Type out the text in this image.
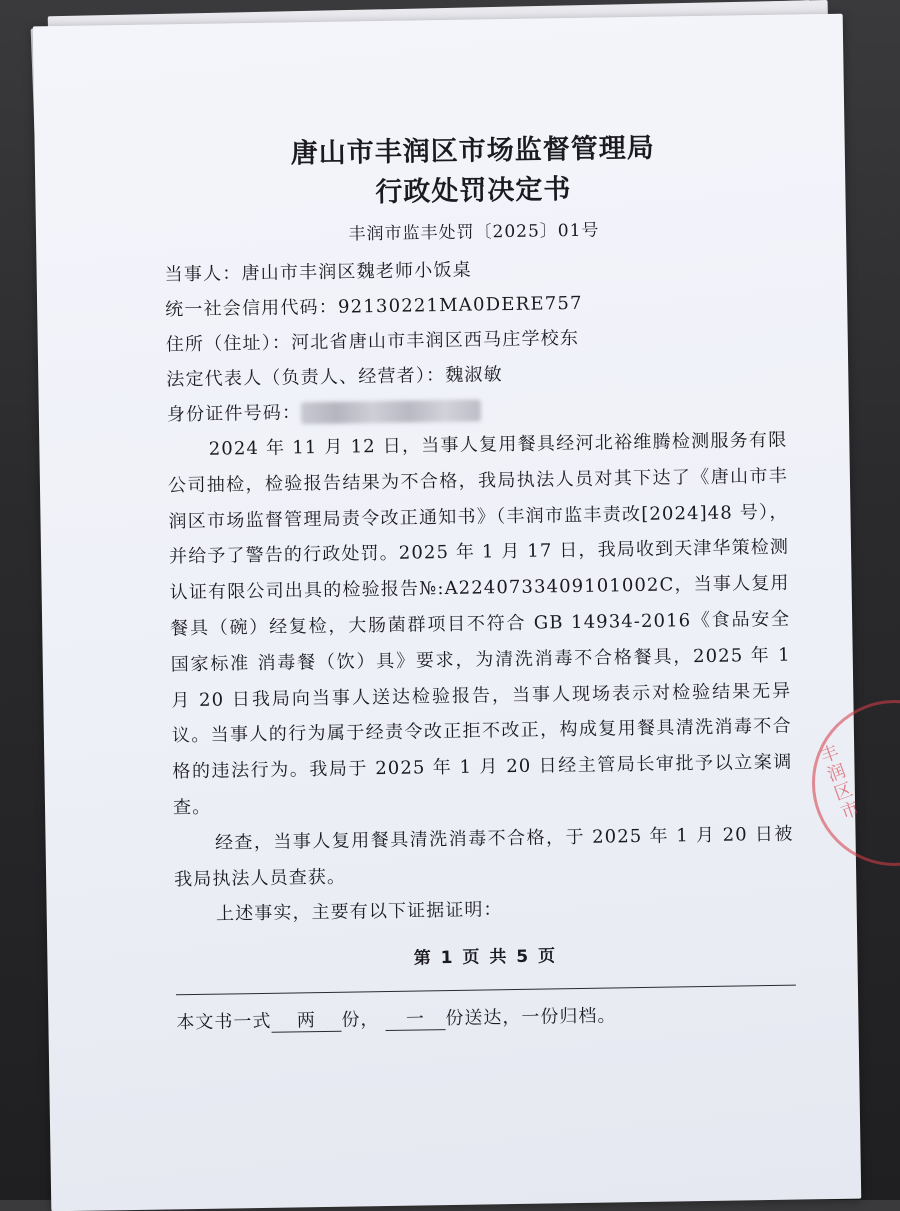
唐山市丰润区市场监督管理局
行政处罚决定书
丰润市监丰处罚〔2025〕01号
当事人：唐山市丰润区魏老师小饭桌
统一社会信用代码：92130221MA0DERE757
住所（住址）：河北省唐山市丰润区西马庄学校东
法定代表人（负责人、经营者）：魏淑敏
身份证件号码：

2024 年 11 月 12 日，当事人复用餐具经河北裕维腾检测服务有限公司抽检，检验报告结果为不合格，我局执法人员对其下达了《唐山市丰润区市场监督管理局责令改正通知书》（丰润市监丰责改[2024]48 号），并给予了警告的行政处罚。2025 年 1 月 17 日，我局收到天津华策检测认证有限公司出具的检验报告№:A2240733409101002C，当事人复用餐具（碗）经复检，大肠菌群项目不符合 GB 14934-2016《食品安全国家标准 消毒餐（饮）具》要求，为清洗消毒不合格餐具，2025 年 1 月 20 日我局向当事人送达检验报告，当事人现场表示对检验结果无异议。当事人的行为属于经责令改正拒不改正，构成复用餐具清洗消毒不合格的违法行为。我局于 2025 年 1 月 20 日经主管局长审批予以立案调查。

经查，当事人复用餐具清洗消毒不合格，于 2025 年 1 月 20 日被我局执法人员查获。

上述事实，主要有以下证据证明：

第 1 页 共 5 页
本文书一式 两 份， 一 份送达，一份归档。
丰润区市
